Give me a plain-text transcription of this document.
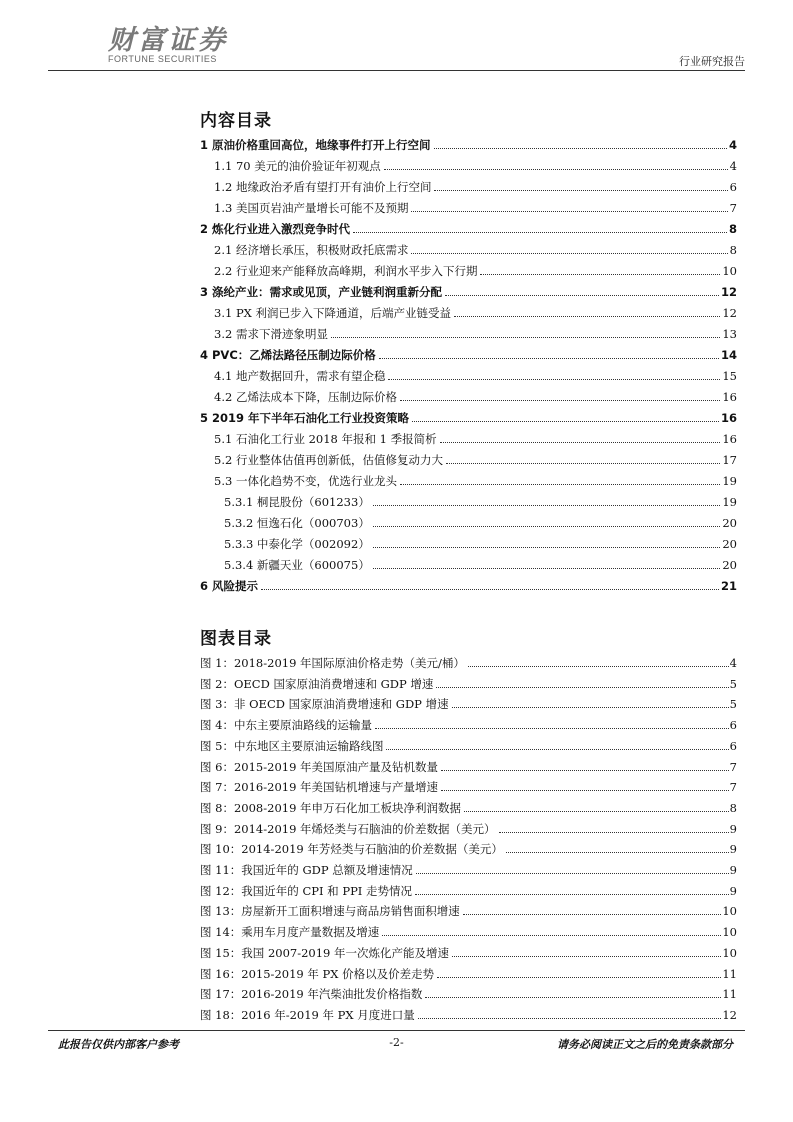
财富证券
FORTUNE SECURITIES	行业研究报告
内容目录
1 原油价格重回高位，地缘事件打开上行空间	4
1.1 70 美元的油价验证年初观点	4
1.2 地缘政治矛盾有望打开有油价上行空间	6
1.3 美国页岩油产量增长可能不及预期	7
2 炼化行业进入激烈竞争时代	8
2.1 经济增长承压，积极财政托底需求	8
2.2 行业迎来产能释放高峰期，利润水平步入下行期	10
3 涤纶产业：需求或见顶，产业链利润重新分配	12
3.1 PX 利润已步入下降通道，后端产业链受益	12
3.2 需求下滑迹象明显	13
4 PVC：乙烯法路径压制边际价格	14
4.1 地产数据回升，需求有望企稳	15
4.2 乙烯法成本下降，压制边际价格	16
5 2019 年下半年石油化工行业投资策略	16
5.1 石油化工行业 2018 年报和 1 季报简析	16
5.2 行业整体估值再创新低，估值修复动力大	17
5.3 一体化趋势不变，优选行业龙头	19
5.3.1 桐昆股份（601233）	19
5.3.2 恒逸石化（000703）	20
5.3.3 中泰化学（002092）	20
5.3.4 新疆天业（600075）	20
6 风险提示	21
图表目录
图 1：2018-2019 年国际原油价格走势（美元/桶）	4
图 2：OECD 国家原油消费增速和 GDP 增速	5
图 3：非 OECD 国家原油消费增速和 GDP 增速	5
图 4：中东主要原油路线的运输量	6
图 5：中东地区主要原油运输路线图	6
图 6：2015-2019 年美国原油产量及钻机数量	7
图 7：2016-2019 年美国钻机增速与产量增速	7
图 8：2008-2019 年申万石化加工板块净利润数据	8
图 9：2014-2019 年烯烃类与石脑油的价差数据（美元）	9
图 10：2014-2019 年芳烃类与石脑油的价差数据（美元）	9
图 11：我国近年的 GDP 总额及增速情况	9
图 12：我国近年的 CPI 和 PPI 走势情况	9
图 13：房屋新开工面积增速与商品房销售面积增速	10
图 14：乘用车月度产量数据及增速	10
图 15：我国 2007-2019 年一次炼化产能及增速	10
图 16：2015-2019 年 PX 价格以及价差走势	11
图 17：2016-2019 年汽柴油批发价格指数	11
图 18：2016 年-2019 年 PX 月度进口量	12
此报告仅供内部客户参考	-2-	请务必阅读正文之后的免责条款部分
